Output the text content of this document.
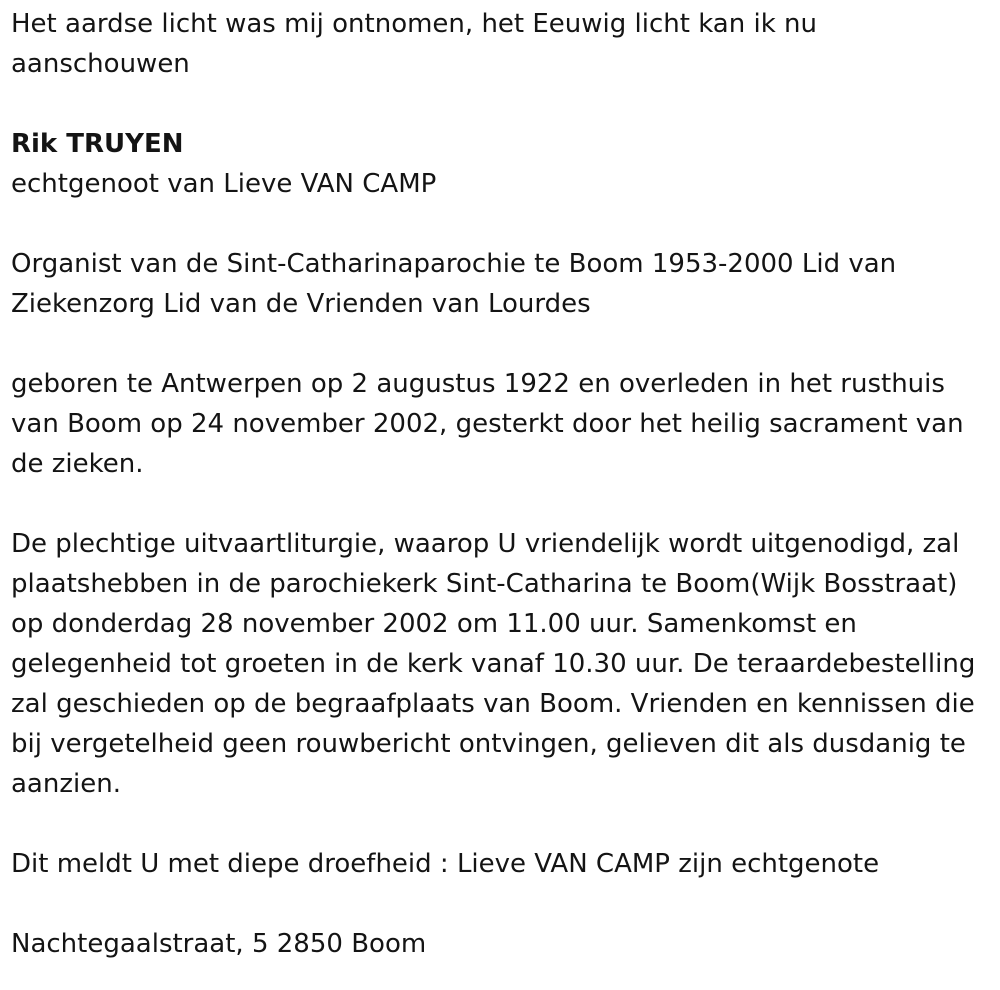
Het aardse licht was mij ontnomen, het Eeuwig licht kan ik nu aanschouwen

Rik TRUYEN

echtgenoot van Lieve VAN CAMP

Organist van de Sint-Catharinaparochie te Boom 1953-2000 Lid van Ziekenzorg Lid van de Vrienden van Lourdes

geboren te Antwerpen op 2 augustus 1922 en overleden in het rusthuis van Boom op 24 november 2002, gesterkt door het heilig sacrament van de zieken.

De plechtige uitvaartliturgie, waarop U vriendelijk wordt uitgenodigd, zal plaatshebben in de parochiekerk Sint-Catharina te Boom(Wijk Bosstraat) op donderdag 28 november 2002 om 11.00 uur. Samenkomst en gelegenheid tot groeten in de kerk vanaf 10.30 uur. De teraardebestelling zal geschieden op de begraafplaats van Boom. Vrienden en kennissen die bij vergetelheid geen rouwbericht ontvingen, gelieven dit als dusdanig te aanzien.

Dit meldt U met diepe droefheid : Lieve VAN CAMP zijn echtgenote

Nachtegaalstraat, 5 2850 Boom
